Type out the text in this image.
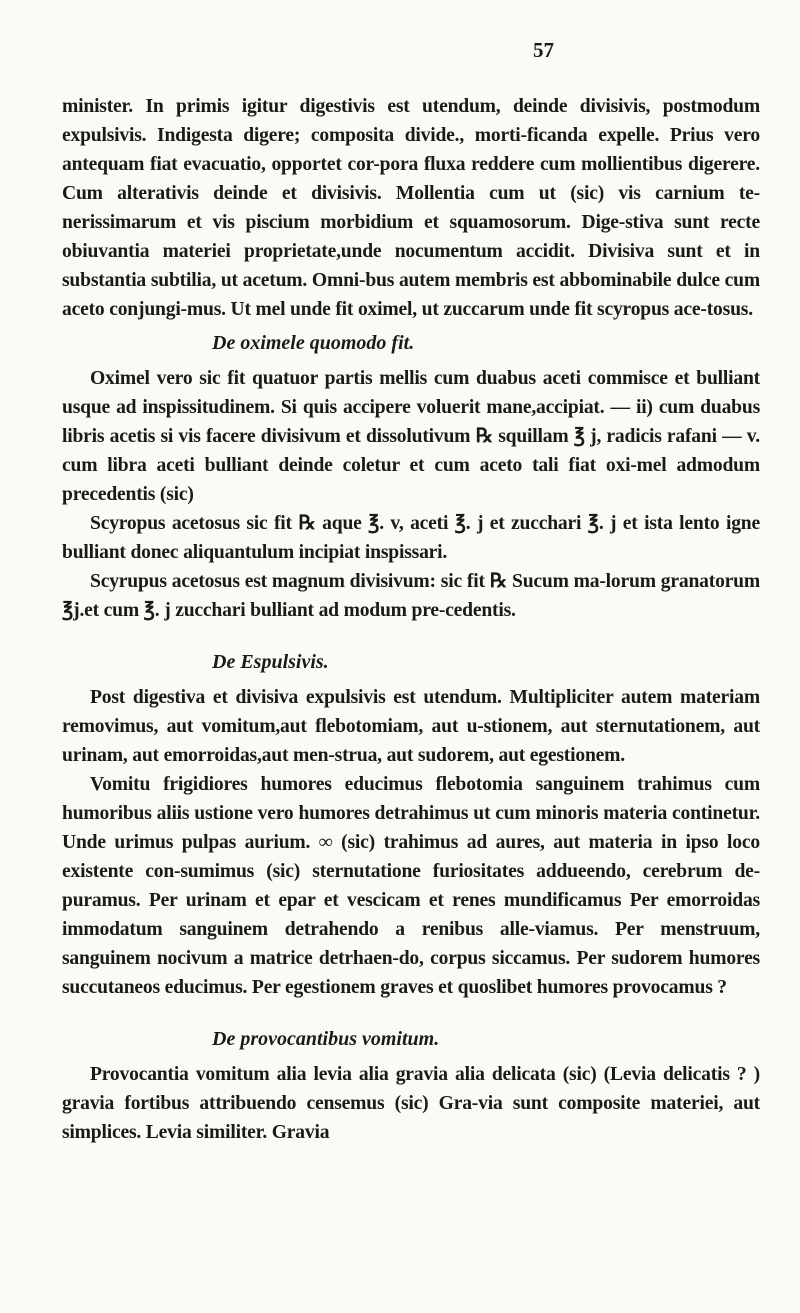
57

minister. In primis igitur digestivis est utendum, deinde divisivis, postmodum expulsivis. Indigesta digere; composita divide., morti-ficanda expelle. Prius vero antequam fiat evacuatio, opportet cor-pora fluxa reddere cum mollientibus digerere. Cum alterativis deinde et divisivis. Mollentia cum ut (sic) vis carnium te-nerissimarum et vis piscium morbidium et squamosorum. Dige-stiva sunt recte obiuvantia materiei proprietate,unde nocumentum accidit. Divisiva sunt et in substantia subtilia, ut acetum. Omni-bus autem membris est abbominabile dulce cum aceto conjungi-mus. Ut mel unde fit oximel, ut zuccarum unde fit scyropus ace-tosus.

De oximele quomodo fit.

Oximel vero sic fit quatuor partis mellis cum duabus aceti commisce et bulliant usque ad inspissitudinem. Si quis accipere voluerit mane,accipiat. — ii) cum duabus libris acetis si vis facere divisivum et dissolutivum ℞ squillam ℥ j, radicis rafani — v. cum libra aceti bulliant deinde coletur et cum aceto tali fiat oxi-mel admodum precedentis (sic)

Scyropus acetosus sic fit ℞ aque ℥. v, aceti ℥. j et zucchari ℥. j et ista lento igne bulliant donec aliquantulum incipiat inspissari.

Scyrupus acetosus est magnum divisivum: sic fit ℞ Sucum ma-lorum granatorum ℥j.et cum ℥. j zucchari bulliant ad modum pre-cedentis.

De Espulsivis.

Post digestiva et divisiva expulsivis est utendum. Multipliciter autem materiam removimus, aut vomitum,aut flebotomiam, aut u-stionem, aut sternutationem, aut urinam, aut emorroidas,aut men-strua, aut sudorem, aut egestionem.

Vomitu frigidiores humores educimus flebotomia sanguinem trahimus cum humoribus aliis ustione vero humores detrahimus ut cum minoris materia continetur. Unde urimus pulpas aurium. ∞ (sic) trahimus ad aures, aut materia in ipso loco existente con-sumimus (sic) sternutatione furiositates addueendo, cerebrum de-puramus. Per urinam et epar et vescicam et renes mundificamus Per emorroidas immodatum sanguinem detrahendo a renibus alle-viamus. Per menstruum, sanguinem nocivum a matrice detrhaen-do, corpus siccamus. Per sudorem humores succutaneos educimus. Per egestionem graves et quoslibet humores provocamus ?

De provocantibus vomitum.

Provocantia vomitum alia levia alia gravia alia delicata (sic) (Levia delicatis ? ) gravia fortibus attribuendo censemus (sic) Gra-via sunt composite materiei, aut simplices. Levia similiter. Gravia
